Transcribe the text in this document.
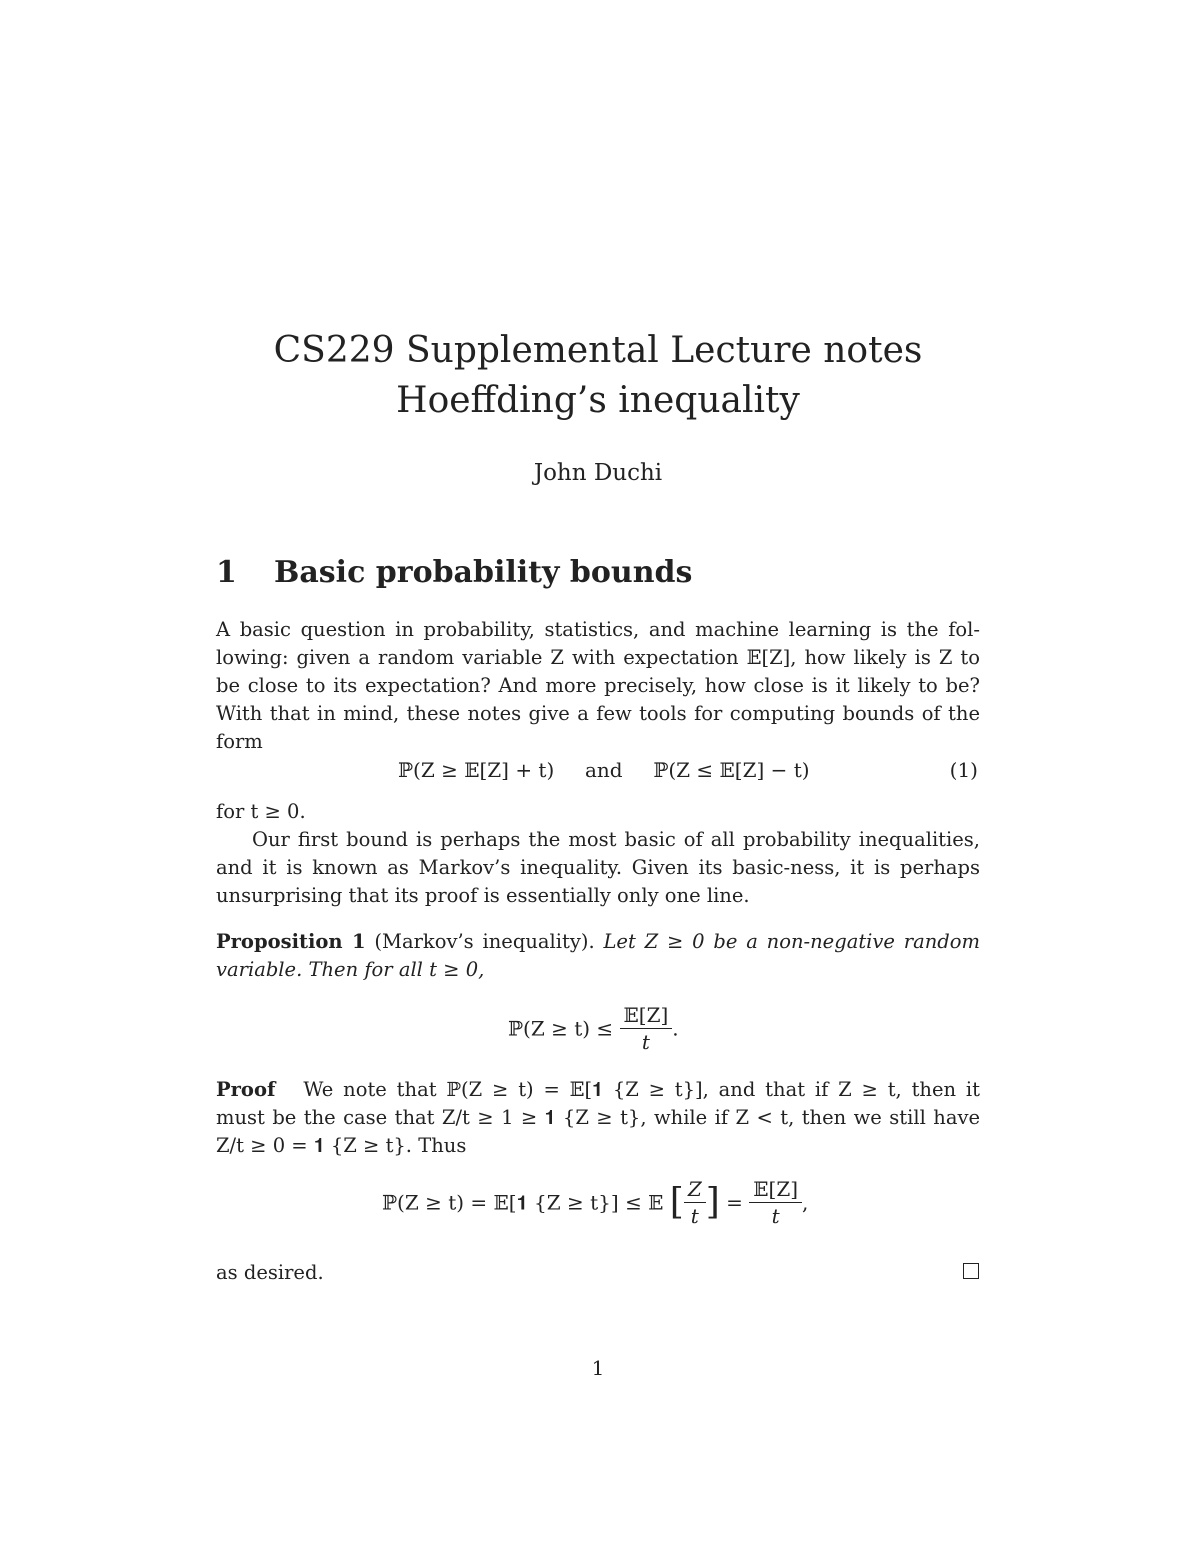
CS229 Supplemental Lecture notes
Hoeffding’s inequality
John Duchi
1 Basic probability bounds

A basic question in probability, statistics, and machine learning is the fol-
lowing: given a random variable Z with expectation 𝔼[Z], how likely is Z to
be close to its expectation? And more precisely, how close is it likely to be?
With that in mind, these notes give a few tools for computing bounds of the
form

ℙ(Z ≥ 𝔼[Z] + t) and ℙ(Z ≤ 𝔼[Z] − t)	(1)

for t ≥ 0.

Our first bound is perhaps the most basic of all probability inequalities,
and it is known as Markov’s inequality. Given its basic-ness, it is perhaps
unsurprising that its proof is essentially only one line.

Proposition 1 (Markov’s inequality). Let Z ≥ 0 be a non-negative random
variable. Then for all t ≥ 0,

ℙ(Z ≥ $t) \le \frac{\text{𝔼[Z]}}{t}$ .

Proof We note that ℙ(Z ≥ t) = 𝔼[𝟏 {Z ≥ t}], and that if Z ≥ t, then it
must be the case that Z/t ≥ 1 ≥ 𝟏 {Z ≥ t}, while if Z < t, then we still have
Z/t ≥ 0 = 𝟏 {Z ≥ t}. Thus

ℙ(Z ≥ t) = 𝔼[𝟏 {Z ≥ t}] ≤ 𝔼 [ $\frac{Z}{t}$ ] = $\frac{\text{𝔼[Z]}}{t}$ ,

as desired.

1
